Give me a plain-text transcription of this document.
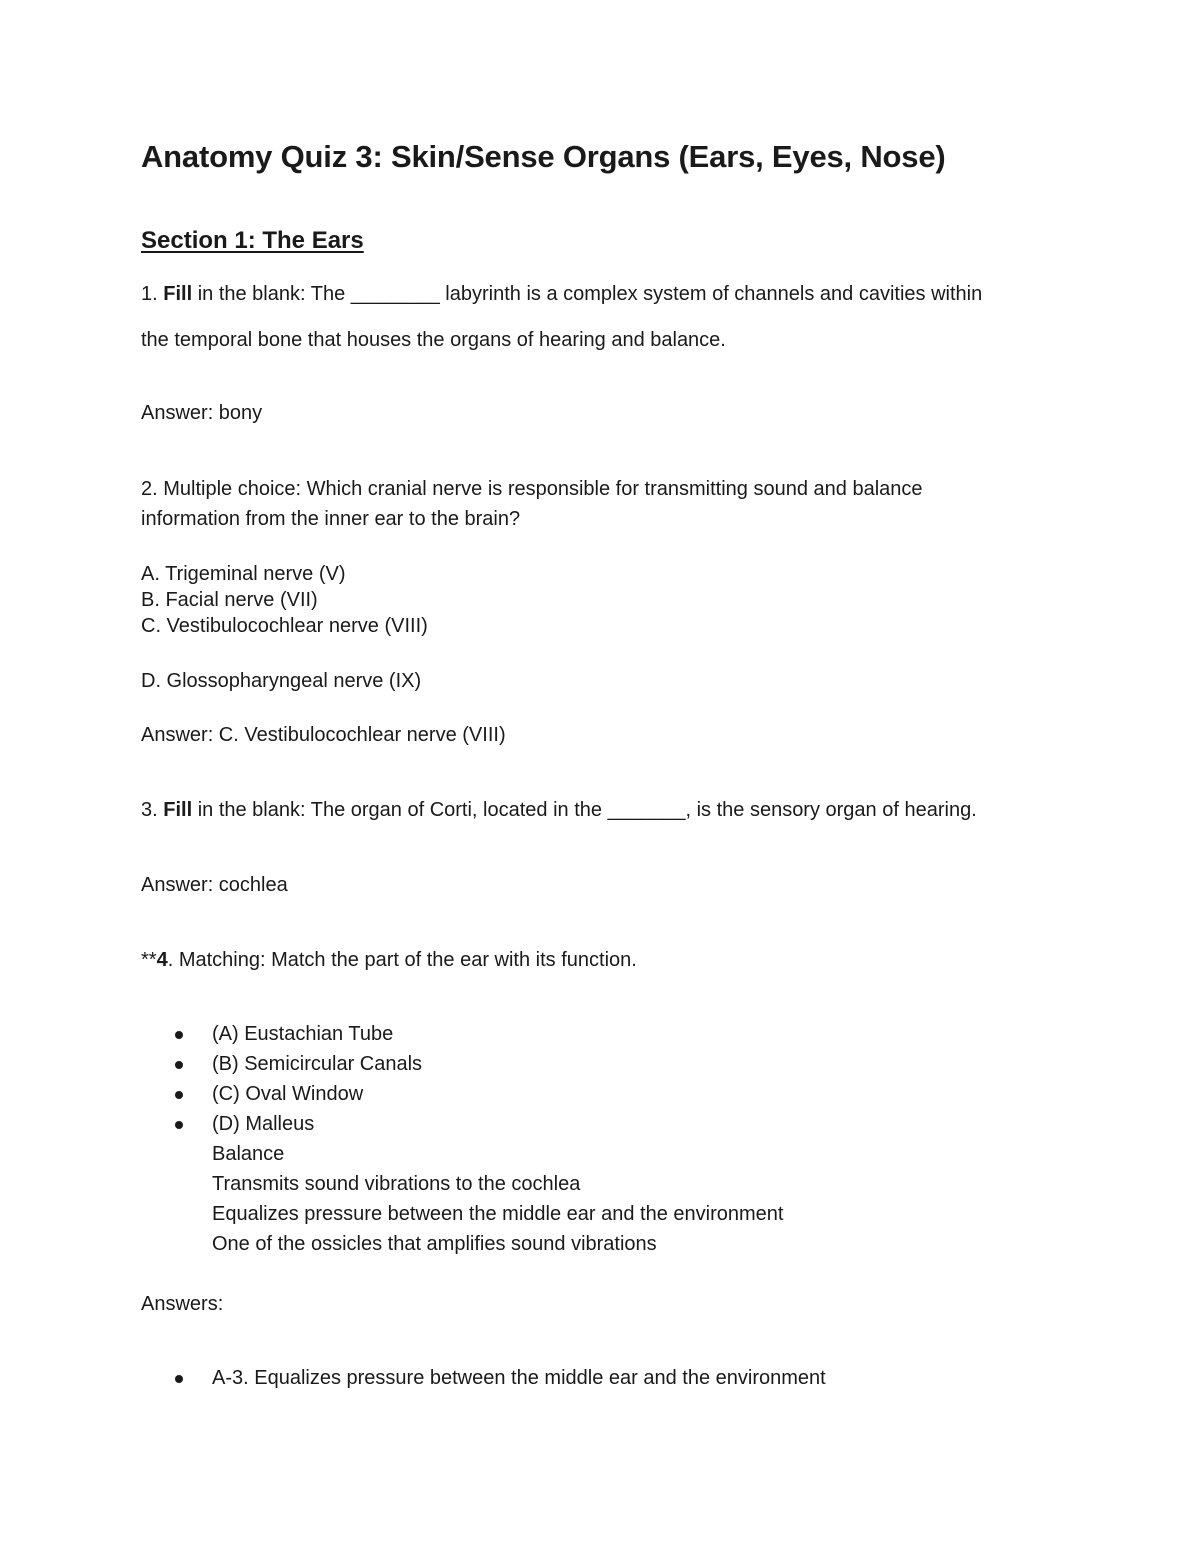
Anatomy Quiz 3: Skin/Sense Organs (Ears, Eyes, Nose)
Section 1: The Ears
1. Fill in the blank: The ________ labyrinth is a complex system of channels and cavities within
the temporal bone that houses the organs of hearing and balance.
Answer: bony
2. Multiple choice: Which cranial nerve is responsible for transmitting sound and balance
information from the inner ear to the brain?
A. Trigeminal nerve (V)
B. Facial nerve (VII)
C. Vestibulocochlear nerve (VIII)
D. Glossopharyngeal nerve (IX)
Answer: C. Vestibulocochlear nerve (VIII)
3. Fill in the blank: The organ of Corti, located in the _______, is the sensory organ of hearing.
Answer: cochlea
**4. Matching: Match the part of the ear with its function.
(A) Eustachian Tube
(B) Semicircular Canals
(C) Oval Window
(D) Malleus
Balance
Transmits sound vibrations to the cochlea
Equalizes pressure between the middle ear and the environment
One of the ossicles that amplifies sound vibrations
Answers:
A-3. Equalizes pressure between the middle ear and the environment
